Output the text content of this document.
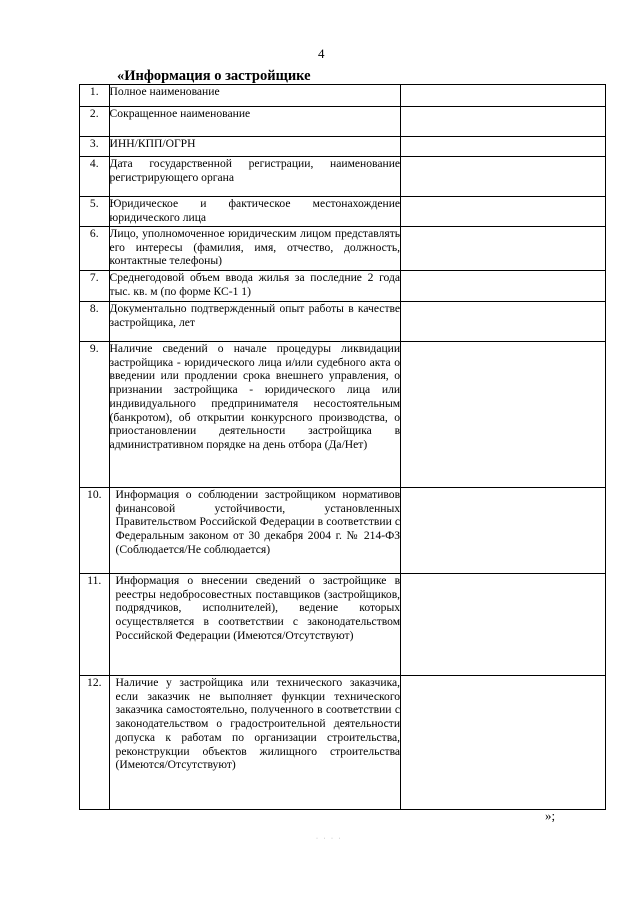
4
«Информация о застройщике
1.	Полное наименование	
2.	Сокращенное наименование	
3.	ИНН/КПП/ОГРН	
4.	Дата государственной регистрации, наименование регистрирующего органа	
5.	Юридическое и фактическое местонахождение юридического лица	
6.	Лицо, уполномоченное юридическим лицом представлять его интересы (фамилия, имя, отчество, должность, контактные телефоны)	
7.	Среднегодовой объем ввода жилья за последние 2 года тыс. кв. м (по форме КС-1 1)	
8.	Документально подтвержденный опыт работы в качестве застройщика, лет	
9.	Наличие сведений о начале процедуры ликвидации застройщика - юридического лица и/или судебного акта о введении или продлении срока внешнего управления, о признании застройщика - юридического лица или индивидуального предпринимателя несостоятельным (банкротом), об открытии конкурсного производства, о приостановлении деятельности застройщика в административном порядке на день отбора (Да/Нет)	
10.	Информация о соблюдении застройщиком нормативов финансовой устойчивости, установленных Правительством Российской Федерации в соответствии с Федеральным законом от 30 декабря 2004 г. № 214-ФЗ (Соблюдается/Не соблюдается)	
11.	Информация о внесении сведений о застройщике в реестры недобросовестных поставщиков (застройщиков, подрядчиков, исполнителей), ведение которых осуществляется в соответствии с законодательством Российской Федерации (Имеются/Отсутствуют)	
12.	Наличие у застройщика или технического заказчика, если заказчик не выполняет функции технического заказчика самостоятельно, полученного в соответствии с законодательством о градостроительной деятельности допуска к работам по организации строительства, реконструкции объектов жилищного строительства (Имеются/Отсутствуют)	
»;
· · · ·
